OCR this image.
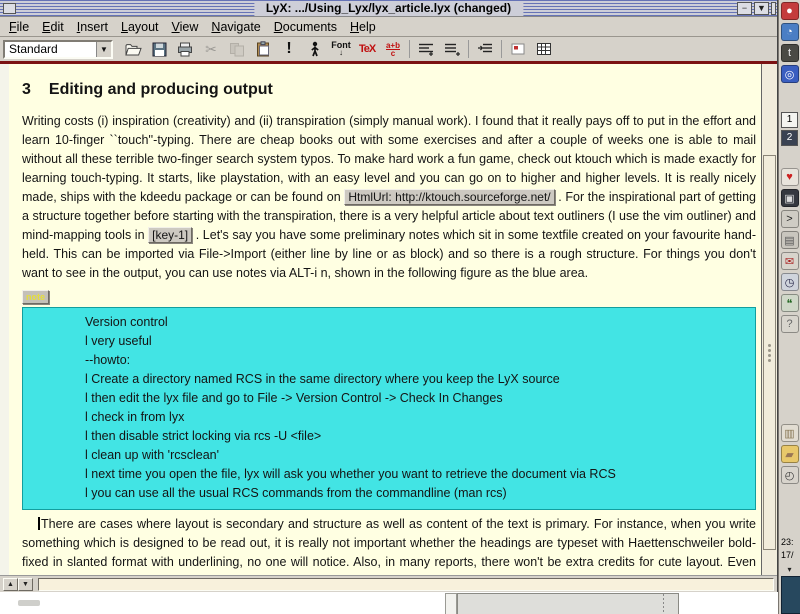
LyX: .../Using_Lyx/lyx_article.lyx (changed)	−	▼
File Edit Insert Layout View Navigate Documents Help
Standard	▼	✂	!	Font
↓ TeX $\frac{a+b}{c}$
3 Editing and producing output
Writing costs (i) inspiration (creativity) and (ii) transpiration (simply manual work). I found that it really pays off to put in the effort and learn 10-finger ``touch''-typing. There are cheap books out with some exercises and after a couple of weeks one is able to mail without all these terrible two-finger search system typos. To make hard work a fun game, check out ktouch which is made exactly for learning touch-typing. It starts, like playstation, with an easy level and you can go on to higher and higher levels. It is really nicely made, ships with the kdeedu package or can be found on HtmlUrl: http://ktouch.sourceforge.net/ . For the inspirational part of getting a structure together before starting with the transpiration, there is a very helpful article about text outliners (I use the vim outliner) and mind-mapping tools in [key-1] . Let's say you have some preliminary notes which sit in some textfile created on your favourite hand-held. This can be imported via File->Import (either line by line or as block) and so there is a rough structure. For things you don't want to see in the output, you can use notes via ALT-i n, shown in the following figure as the blue area.
note
Version control
l very useful
--howto:
l Create a directory named RCS in the same directory where you keep the LyX source
l then edit the lyx file and go to File -> Version Control -> Check In Changes
l check in from lyx
l then disable strict locking via rcs -U <file>
l clean up with 'rcsclean'
l next time you open the file, lyx will ask you whether you want to retrieve the document via RCS
l you can use all the usual RCS commands from the commandline (man rcs)
There are cases where layout is secondary and structure as well as content of the text is primary. For instance, when you write something which is designed to be read out, it is really not important whether the headings are typeset with Haettenschweiler bold-fixed in slanted format with underlining, no one will notice. Also, in many reports, there won't be extra credits for cute layout. Even
▲	▼
●
◔
t
◎
1
2
♥
▣
>
▤
✉
◷
❝
?
▥
▰
◴
23:
17/
▾
